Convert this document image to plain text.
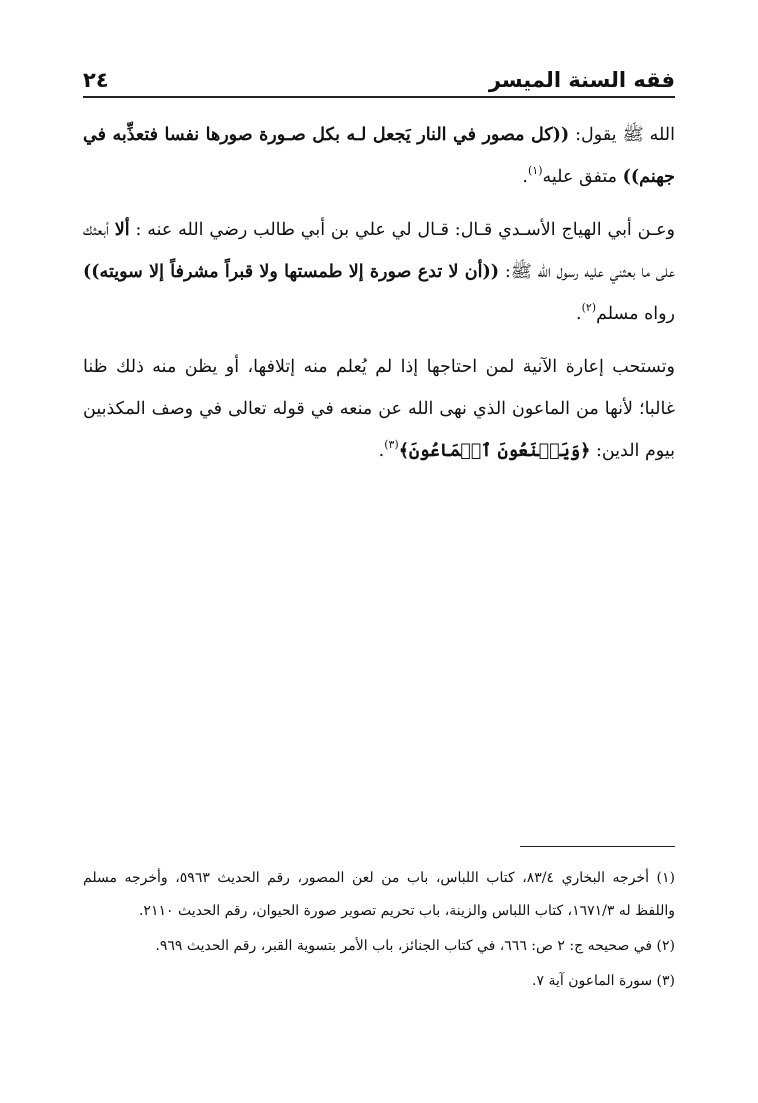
فقه السنة الميسر
٢٤

الله ﷺ يقول: ((كل مصور في النار يَجعل لـه بكل صـورة صورها نفسا فتعذِّبه في جهنم)) متفق عليه$^{(١)}$.

وعـن أبي الهياج الأسـدي قـال: قـال لي علي بن أبي طالب رضي الله عنه : ألا أبعثك على ما بعثني عليه رسول الله ﷺ: ((أن لا تدع صورة إلا طمستها ولا قبراً مشرفاً إلا سويته)) رواه مسلم$^{(٢)}$.

وتستحب إعارة الآنية لمن احتاجها إذا لم يُعلم منه إتلافها، أو يظن منه ذلك ظنا غالبا؛ لأنها من الماعون الذي نهى الله عن منعه في قوله تعالى في وصف المكذبين بيوم الدين: ﴿وَيَمۡنَعُونَ ٱلۡمَاعُونَ﴾$^{(٣)}$.

(١) أخرجه البخاري ٨٣/٤، كتاب اللباس، باب من لعن المصور، رقم الحديث ٥٩٦٣، وأخرجه مسلم واللفظ له ١٦٧١/٣، كتاب اللباس والزينة، باب تحريم تصوير صورة الحيوان، رقم الحديث ٢١١٠.

(٢) في صحيحه ج: ٢ ص: ٦٦٦، في كتاب الجنائز، باب الأمر بتسوية القبر، رقم الحديث ٩٦٩.

(٣) سورة الماعون آية ٧.
